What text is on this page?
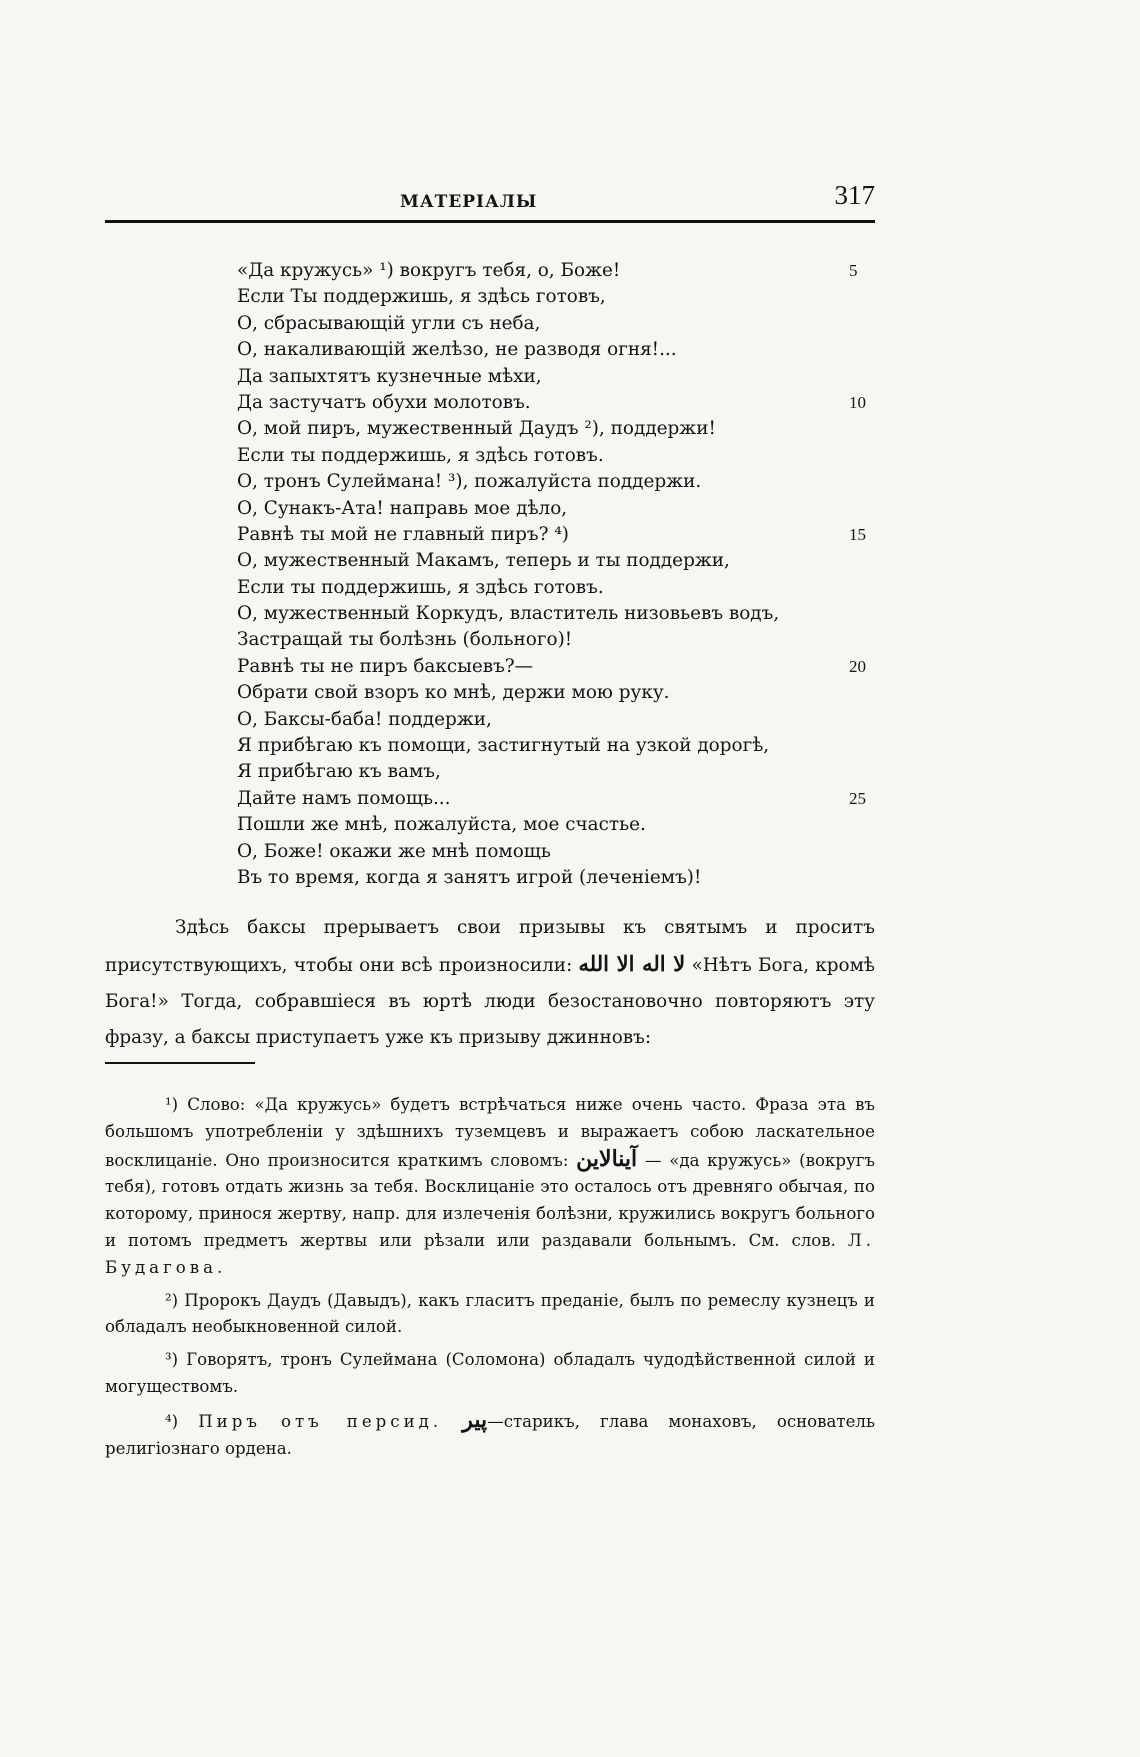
МАТЕРІАЛЫ	317
«Да кружусь» ¹) вокругъ тебя, о, Боже!	5
Если Ты поддержишь, я здѣсь готовъ,
О, сбрасывающій угли съ неба,
О, накаливающій желѣзо, не разводя огня!...
Да запыхтятъ кузнечные мѣхи,
Да застучатъ обухи молотовъ.	10
О, мой пиръ, мужественный Даудъ ²), поддержи!
Если ты поддержишь, я здѣсь готовъ.
О, тронъ Сулеймана! ³), пожалуйста поддержи.
О, Сунакъ-Ата! направь мое дѣло,
Равнѣ ты мой не главный пиръ? ⁴)	15
О, мужественный Макамъ, теперь и ты поддержи,
Если ты поддержишь, я здѣсь готовъ.
О, мужественный Коркудъ, властитель низовьевъ водъ,
Застращай ты болѣзнь (больного)!
Равнѣ ты не пиръ баксыевъ?—	20
Обрати свой взоръ ко мнѣ, держи мою руку.
О, Баксы-баба! поддержи,
Я прибѣгаю къ помощи, застигнутый на узкой дорогѣ,
Я прибѣгаю къ вамъ,
Дайте намъ помощь...	25
Пошли же мнѣ, пожалуйста, мое счастье.
О, Боже! окажи же мнѣ помощь
Въ то время, когда я занятъ игрой (леченіемъ)!
Здѣсь баксы прерываетъ свои призывы къ святымъ и проситъ присутствующихъ, чтобы они всѣ произносили: لا اله الا الله «Нѣтъ Бога, кромѣ Бога!» Тогда, собравшіеся въ юртѣ люди безостановочно повторяютъ эту фразу, а баксы приступаетъ уже къ призыву джинновъ:

¹) Слово: «Да кружусь» будетъ встрѣчаться ниже очень часто. Фраза эта въ большомъ употребленіи у здѣшнихъ туземцевъ и выражаетъ собою ласкательное восклицаніе. Оно произносится краткимъ словомъ: آينالاين — «да кружусь» (вокругъ тебя), готовъ отдать жизнь за тебя. Восклицаніе это осталось отъ древняго обычая, по которому, принося жертву, напр. для излеченія болѣзни, кружились вокругъ больного и потомъ предметъ жертвы или рѣзали или раздавали больнымъ. См. слов. Л. Будагова.

²) Пророкъ Даудъ (Давыдъ), какъ гласитъ преданіе, былъ по ремеслу кузнецъ и обладалъ необыкновенной силой.

³) Говорятъ, тронъ Сулеймана (Соломона) обладалъ чудодѣйственной силой и могуществомъ.

⁴) Пиръ отъ персид. پير—старикъ, глава монаховъ, основатель религіознаго ордена.
